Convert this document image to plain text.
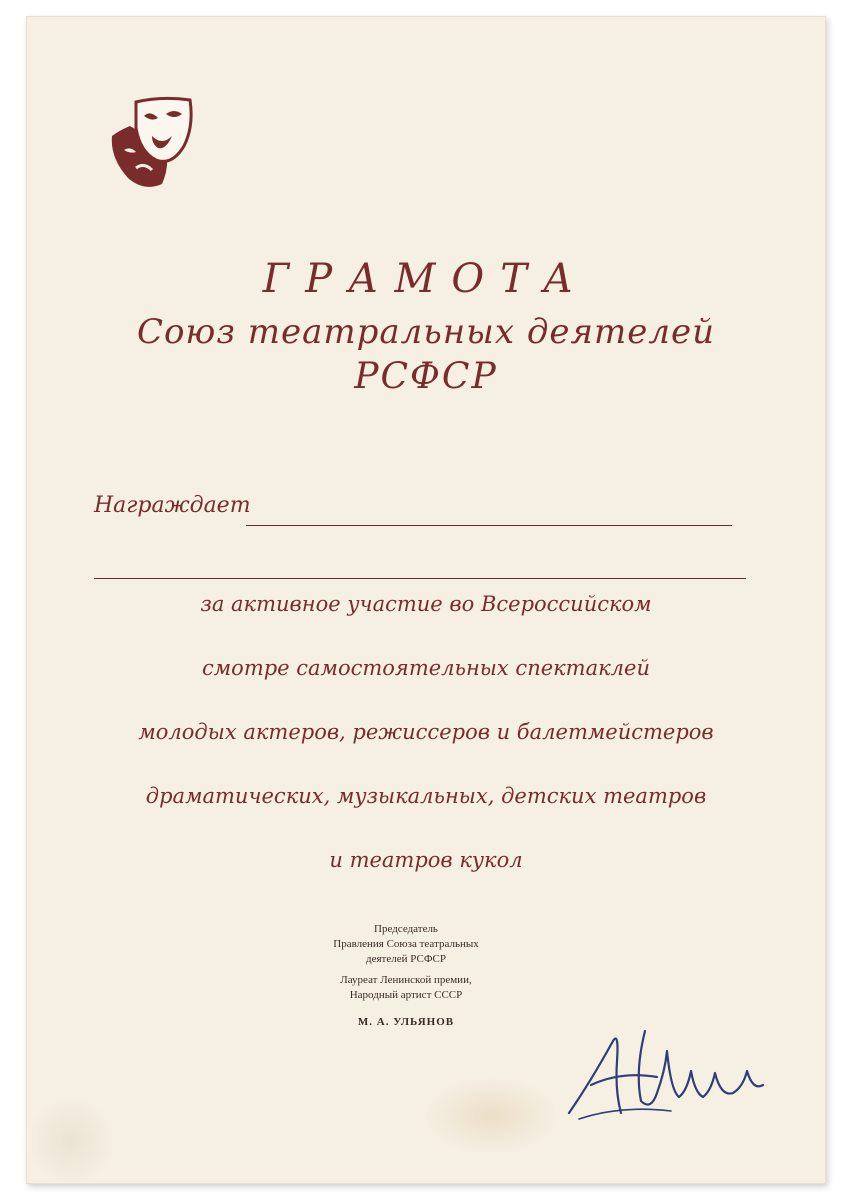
ГРАМОТА
Союз театральных деятелей
РСФСР
Награждает
за активное участие во Всероссийском
смотре самостоятельных спектаклей
молодых актеров, режиссеров и балетмейстеров
драматических, музыкальных, детских театров
и театров кукол
Председатель
Правления Союза театральных
деятелей РСФСР
Лауреат Ленинской премии,
Народный артист СССР
М. А. УЛЬЯНОВ
